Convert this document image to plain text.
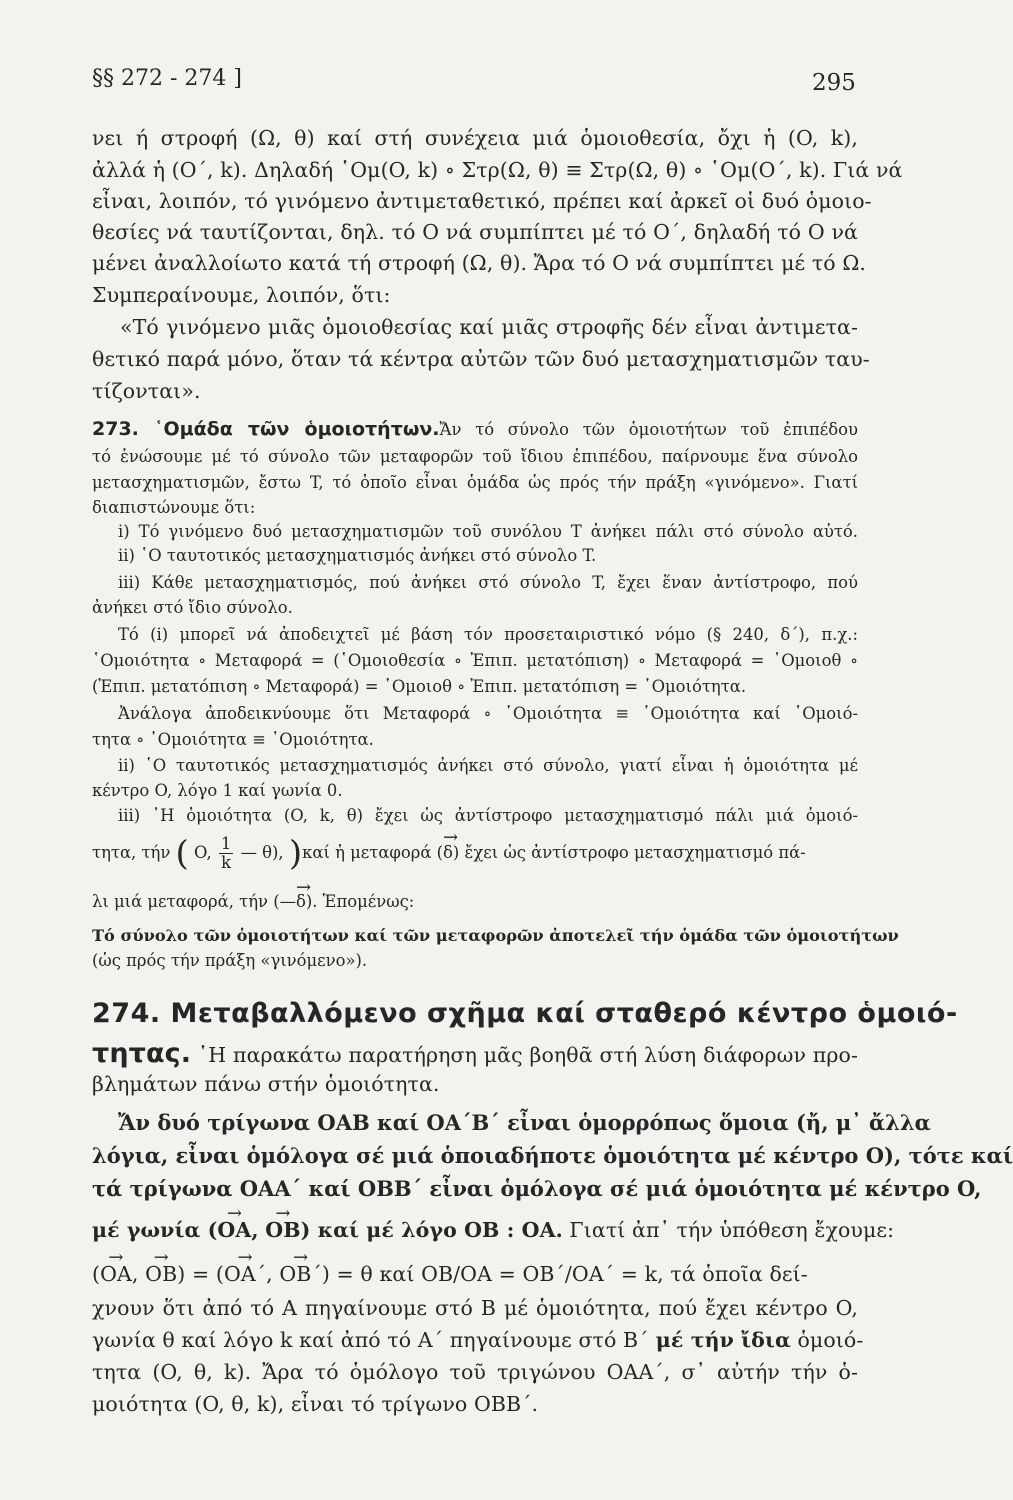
§§ 272 - 274 ]	295
νει ή στροφή (Ω, θ) καί στή συνέχεια μιά ὁμοιοθεσία, ὄχι ἡ (O, k),
ἀλλά ἡ (O΄, k). Δηλαδή ῾Ομ(O, k) ∘ Στρ(Ω, θ) ≡ Στρ(Ω, θ) ∘ ῾Ομ(O΄, k). Γιά νά
εἶναι, λοιπόν, τό γινόμενο ἀντιμεταθετικό, πρέπει καί ἀρκεῖ οἱ δυό ὁμοιο-
θεσίες νά ταυτίζονται, δηλ. τό O νά συμπίπτει μέ τό O΄, δηλαδή τό O νά
μένει ἀναλλοίωτο κατά τή στροφή (Ω, θ). Ἄρα τό O νά συμπίπτει μέ τό Ω.
Συμπεραίνουμε, λοιπόν, ὅτι:
«Τό γινόμενο μιᾶς ὁμοιοθεσίας καί μιᾶς στροφῆς δέν εἶναι ἀντιμετα-
θετικό παρά μόνο, ὅταν τά κέντρα αὐτῶν τῶν δυό μετασχηματισμῶν ταυ-
τίζονται».
273. ῾Ομάδα τῶν ὁμοιοτήτων.Ἄν τό σύνολο τῶν ὁμοιοτήτων τοῦ ἐπιπέδου
τό ἑνώσουμε μέ τό σύνολο τῶν μεταφορῶν τοῦ ἴδιου ἐπιπέδου, παίρνουμε ἕνα σύνολο
μετασχηματισμῶν, ἔστω T, τό ὁποῖο εἶναι ὁμάδα ὡς πρός τήν πράξη «γινόμενο». Γιατί
διαπιστώνουμε ὅτι:
i) Τό γινόμενο δυό μετασχηματισμῶν τοῦ συνόλου T ἀνήκει πάλι στό σύνολο αὐτό.
ii) ῾Ο ταυτοτικός μετασχηματισμός ἀνήκει στό σύνολο T.
iii) Κάθε μετασχηματισμός, πού ἀνήκει στό σύνολο T, ἔχει ἕναν ἀντίστροφο, πού
ἀνήκει στό ἴδιο σύνολο.
Τό (i) μπορεῖ νά ἀποδειχτεῖ μέ βάση τόν προσεταιριστικό νόμο (§ 240, δ΄), π.χ.:
῾Ομοιότητα ∘ Μεταφορά = (῾Ομοιοθεσία ∘ Ἐπιπ. μετατόπιση) ∘ Μεταφορά = ῾Ομοιοθ ∘
(Ἐπιπ. μετατόπιση ∘ Μεταφορά) = ῾Ομοιοθ ∘ Ἐπιπ. μετατόπιση = ῾Ομοιότητα.
Ἀνάλογα ἀποδεικνύουμε ὅτι Μεταφορά ∘ ῾Ομοιότητα ≡ ῾Ομοιότητα καί ῾Ομοιό-
τητα ∘ ῾Ομοιότητα ≡ ῾Ομοιότητα.
ii) ῾Ο ταυτοτικός μετασχηματισμός ἀνήκει στό σύνολο, γιατί εἶναι ἡ ὁμοιότητα μέ
κέντρο O, λόγο 1 καί γωνία 0.
iii) ῾Η ὁμοιότητα (O, k, θ) ἔχει ὡς ἀντίστροφο μετασχηματισμό πάλι μιά ὁμοιό-
τητα, τήν ( O, $\frac{1}{k}$ — θ), )καί ἡ μεταφορά (→ δ) ἔχει ὡς ἀντίστροφο μετασχηματισμό πά-
λι μιά μεταφορά, τήν (—→ δ). Ἑπομένως:
Τό σύνολο τῶν ὁμοιοτήτων καί τῶν μεταφορῶν ἀποτελεῖ τήν ὁμάδα τῶν ὁμοιοτήτων
(ὡς πρός τήν πράξη «γινόμενο»).
274. Μεταβαλλόμενο σχῆμα καί σταθερό κέντρο ὁμοιό-
τητας. ῾Η παρακάτω παρατήρηση μᾶς βοηθᾶ στή λύση διάφορων προ-
βλημάτων πάνω στήν ὁμοιότητα.
Ἄν δυό τρίγωνα OAB καί OA΄B΄ εἶναι ὁμορρόπως ὅμοια (ἤ, μ᾽ ἄλλα
λόγια, εἶναι ὁμόλογα σέ μιά ὁποιαδήποτε ὁμοιότητα μέ κέντρο O), τότε καί
τά τρίγωνα OAA΄ καί OBB΄ εἶναι ὁμόλογα σέ μιά ὁμοιότητα μέ κέντρο O,
μέ γωνία (→ OA, → OB) καί μέ λόγο OB : OA. Γιατί ἀπ᾽ τήν ὑπόθεση ἔχουμε:
(→ OA, → OB) = (→ OA΄, → OB΄) = θ καί OB/OA = OB΄/OA΄ = k, τά ὁποῖα δεί-
χνουν ὅτι ἀπό τό A πηγαίνουμε στό B μέ ὁμοιότητα, πού ἔχει κέντρο O,
γωνία θ καί λόγο k καί ἀπό τό A΄ πηγαίνουμε στό B΄ μέ τήν ἴδια ὁμοιό-
τητα (O, θ, k). Ἄρα τό ὁμόλογο τοῦ τριγώνου OAA΄, σ᾽ αὐτήν τήν ὁ-
μοιότητα (O, θ, k), εἶναι τό τρίγωνο OBB΄.
